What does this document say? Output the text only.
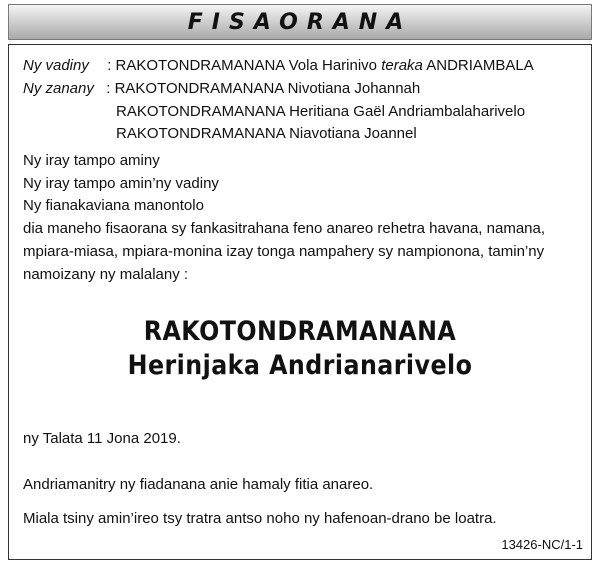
FISAORANA
Ny vadiny : RAKOTONDRAMANANA Vola Harinivo teraka ANDRIAMBALA
Ny zanany : RAKOTONDRAMANANA Nivotiana Johannah
RAKOTONDRAMANANA Heritiana Gaël Andriambalaharivelo
RAKOTONDRAMANANA Niavotiana Joannel
Ny iray tampo aminy
Ny iray tampo amin’ny vadiny
Ny fianakaviana manontolo
dia maneho fisaorana sy fankasitrahana feno anareo rehetra havana, namana,
mpiara-miasa, mpiara-monina izay tonga nampahery sy nampionona, tamin’ny
namoizany ny malalany :
RAKOTONDRAMANANA
Herinjaka Andrianarivelo
ny Talata 11 Jona 2019.
Andriamanitry ny fiadanana anie hamaly fitia anareo.
Miala tsiny amin’ireo tsy tratra antso noho ny hafenoan-drano be loatra.
13426-NC/1-1
